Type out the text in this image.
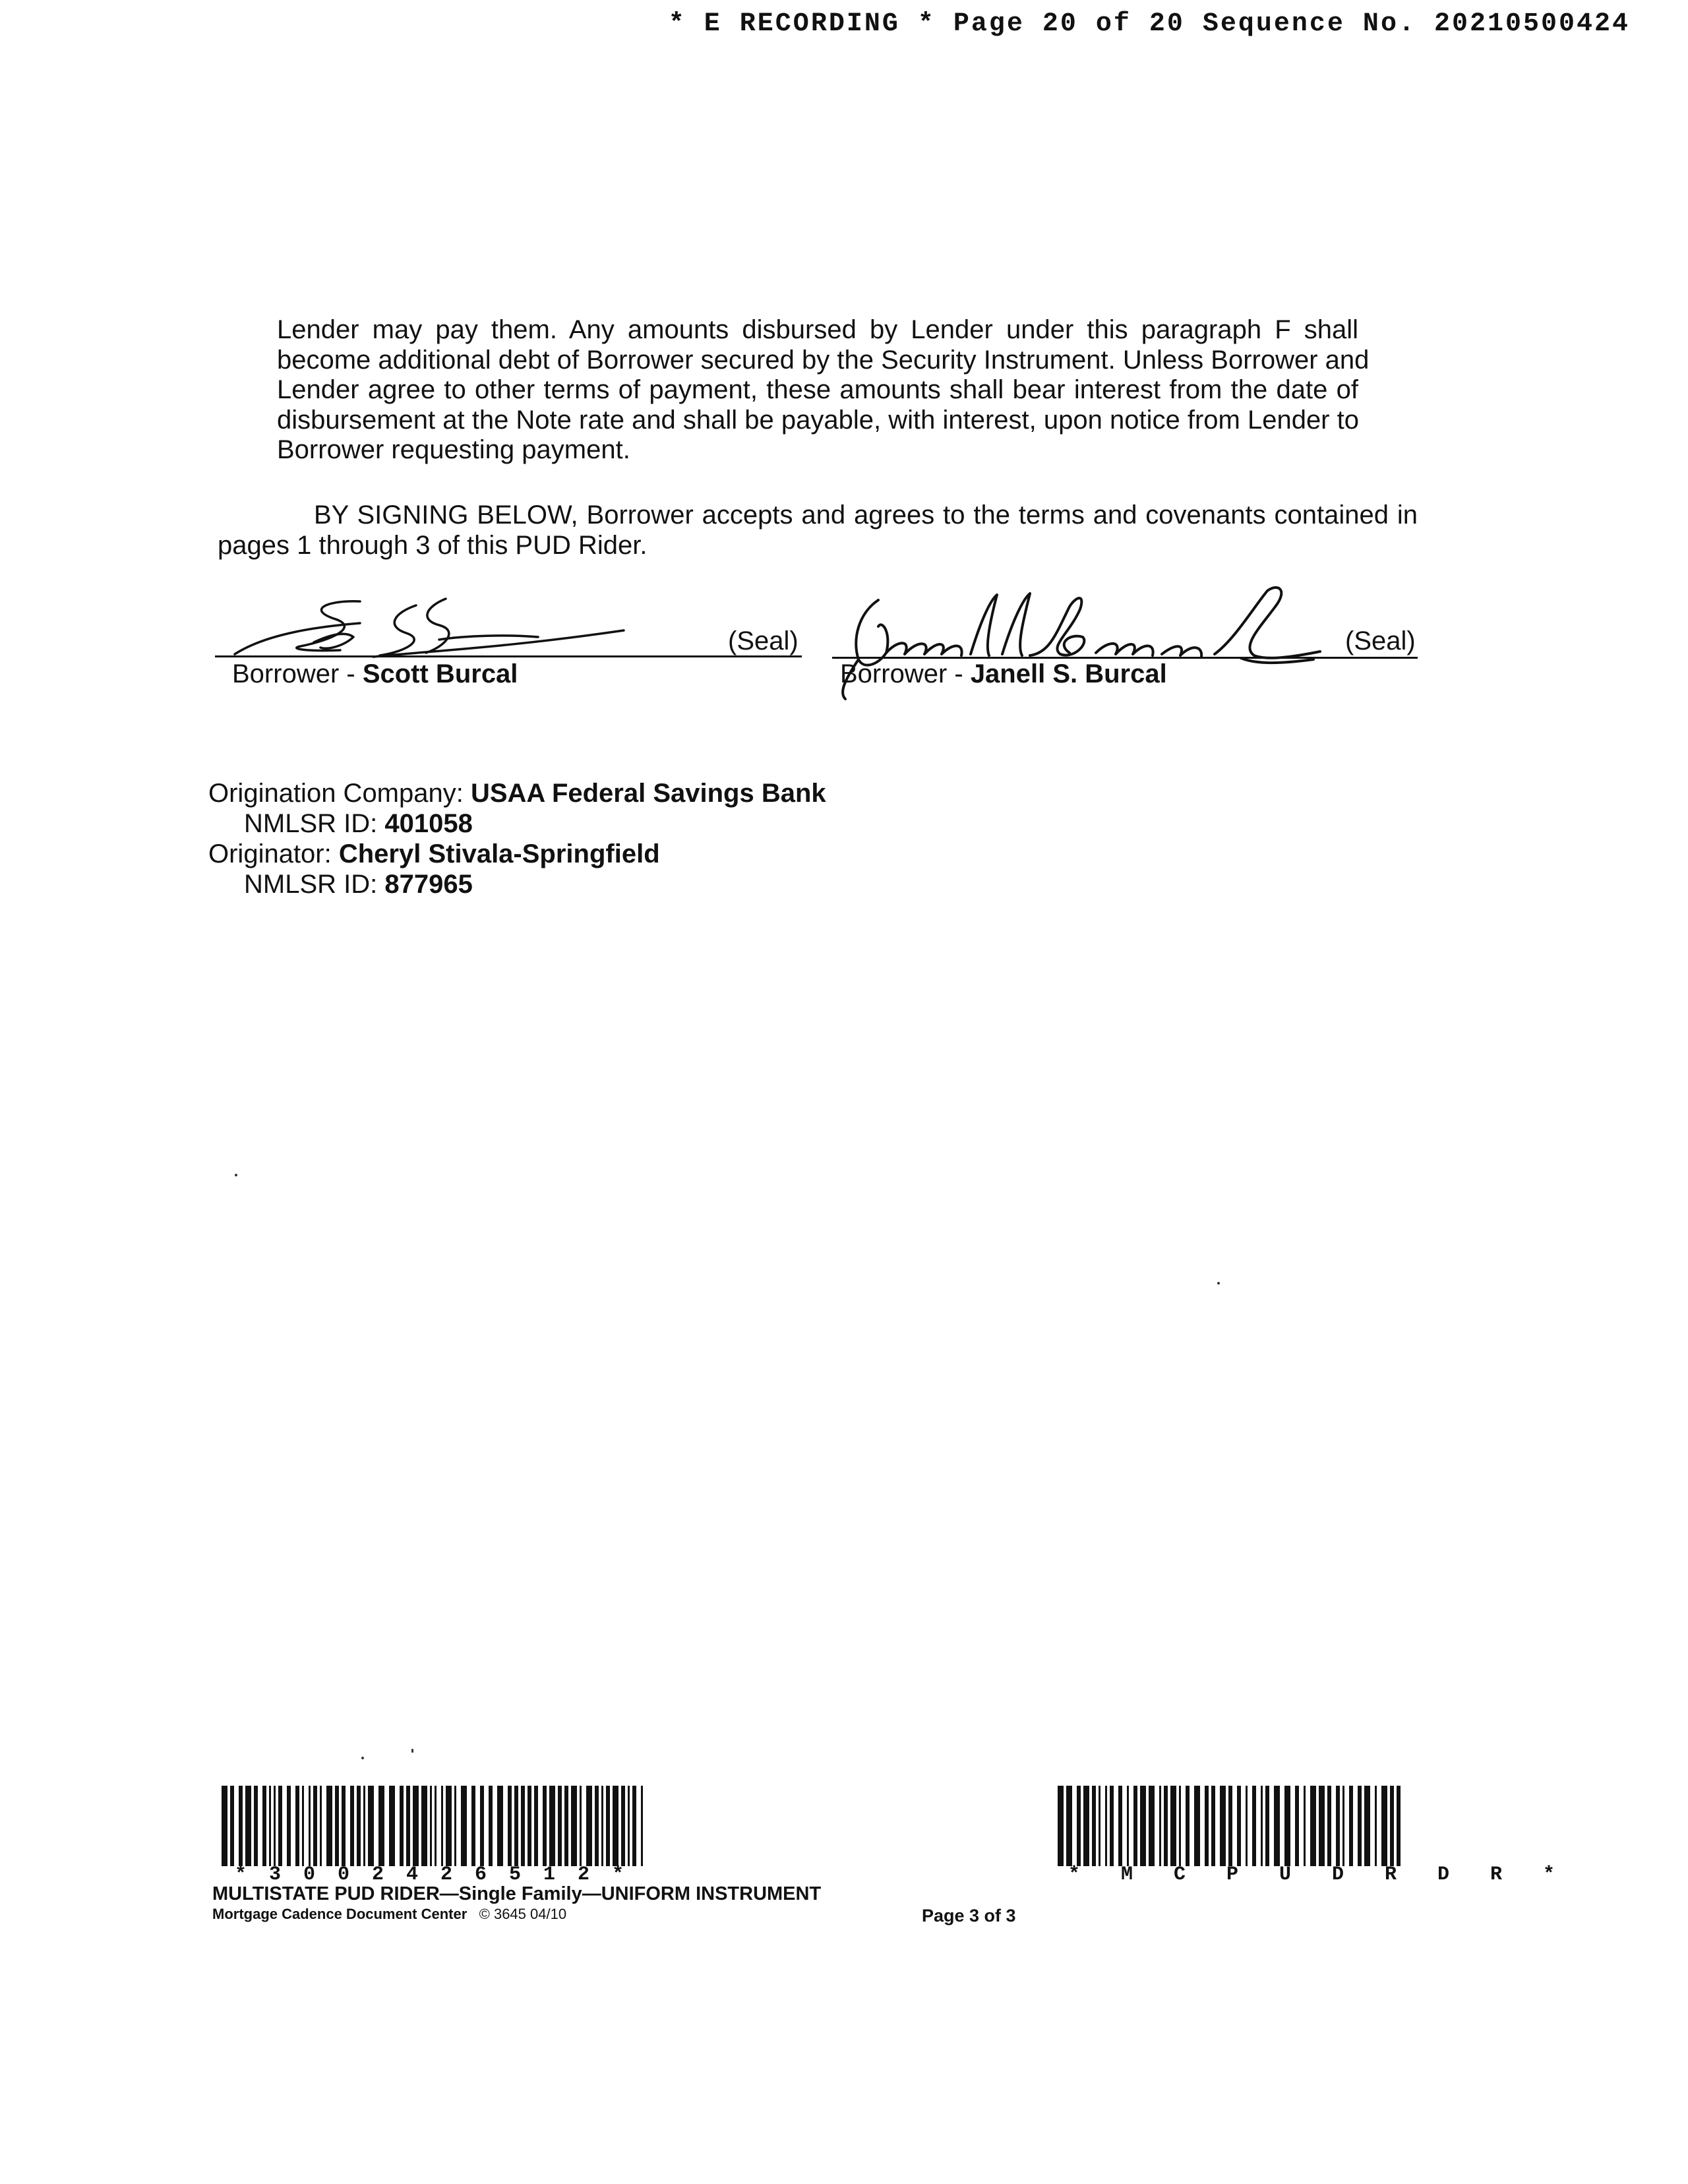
* E RECORDING * Page 20 of 20 Sequence No. 20210500424
Lender may pay them. Any amounts disbursed by Lender under this paragraph F shall
become additional debt of Borrower secured by the Security Instrument. Unless Borrower and
Lender agree to other terms of payment, these amounts shall bear interest from the date of
disbursement at the Note rate and shall be payable, with interest, upon notice from Lender to
Borrower requesting payment.
BY SIGNING BELOW, Borrower accepts and agrees to the terms and covenants contained in
pages 1 through 3 of this PUD Rider.
(Seal)
Borrower - Scott Burcal
(Seal)
Borrower - Janell S. Burcal
Origination Company: USAA Federal Savings Bank
NMLSR ID: 401058
Originator: Cheryl Stivala-Springfield
NMLSR ID: 877965
* 3 0 0 2 4 2 6 5 1 2 *	* M C P U D R D R *
MULTISTATE PUD RIDER—Single Family—UNIFORM INSTRUMENT
Mortgage Cadence Document Center © 3645 04/10	Page 3 of 3
